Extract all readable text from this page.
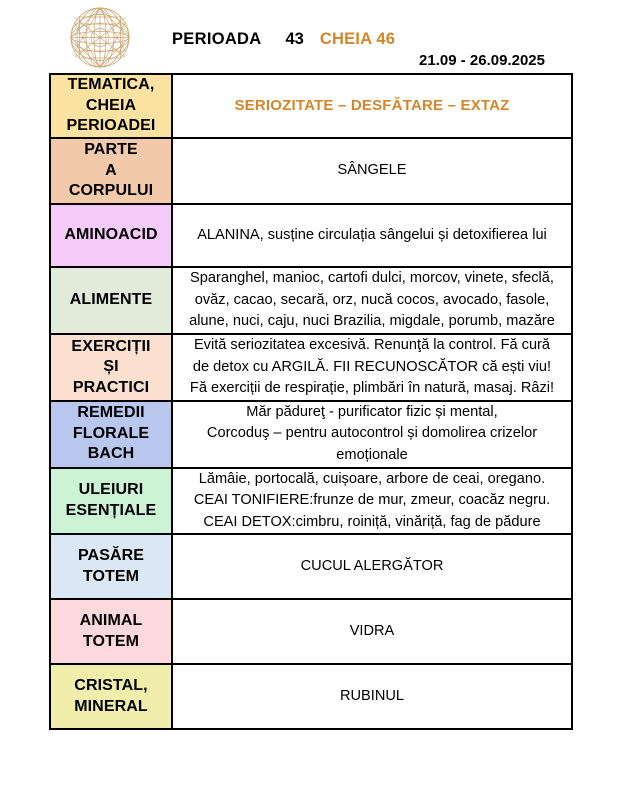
PERIOADA 43 CHEIA 46
21.09 - 26.09.2025
TEMATICA,
CHEIA
PERIOADEI	SERIOZITATE – DESFĂTARE – EXTAZ

PARTE
A
CORPULUI	SÂNGELE

AMINOACID	ALANINA, susține circulația sângelui și detoxifierea lui

ALIMENTE	Sparanghel, manioc, cartofi dulci, morcov, vinete, sfeclă,
ovăz, cacao, secară, orz, nucă cocos, avocado, fasole,
alune, nuci, caju, nuci Brazilia, migdale, porumb, mazăre

EXERCIȚII
ȘI
PRACTICI	Evită seriozitatea excesivă. Renunţă la control. Fă cură
de detox cu ARGILĂ. FII RECUNOSCĂTOR că ești viu!
Fă exerciții de respirație, plimbări în natură, masaj. Râzi!

REMEDII
FLORALE
BACH	Măr pădureţ - purificator fizic și mental,
Corcoduş – pentru autocontrol și domolirea crizelor
emoționale

ULEIURI
ESENȚIALE	Lămâie, portocală, cuișoare, arbore de ceai, oregano.
CEAI TONIFIERE:frunze de mur, zmeur, coacăz negru.
CEAI DETOX:cimbru, roiniță, vinăriță, fag de pădure

PASĂRE
TOTEM	CUCUL ALERGĂTOR

ANIMAL
TOTEM	VIDRA

CRISTAL,
MINERAL	RUBINUL
